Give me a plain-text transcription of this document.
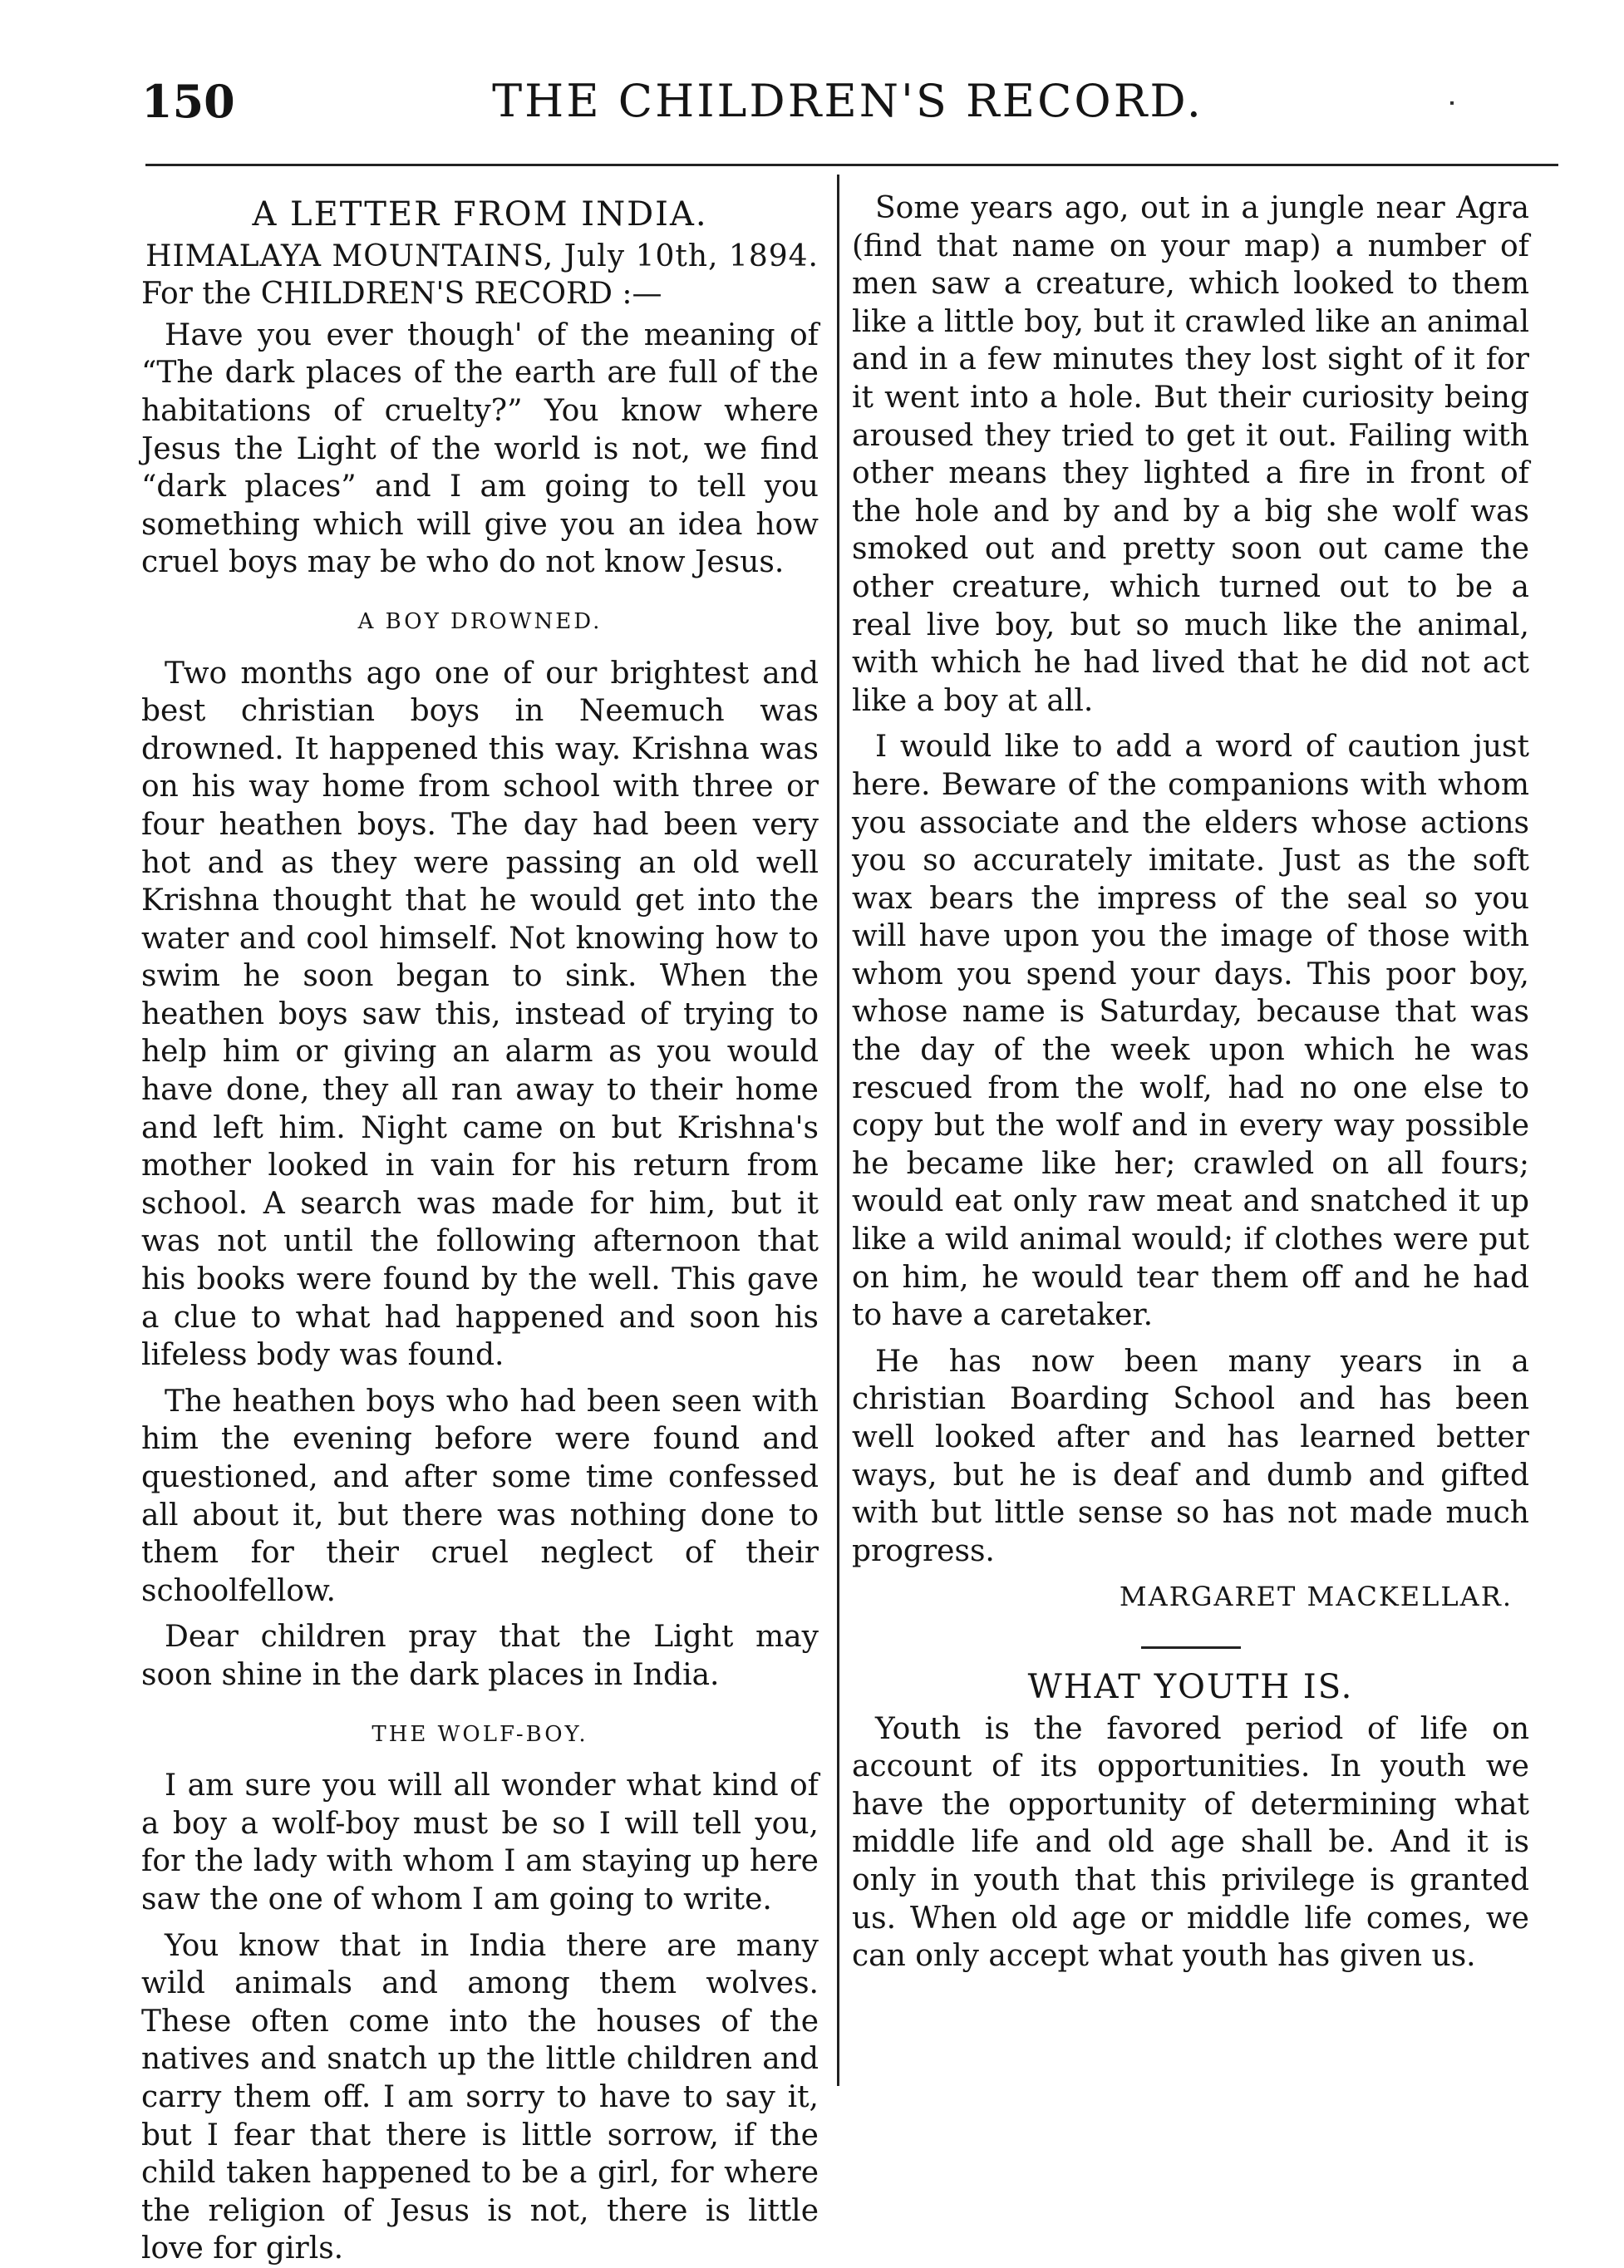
150	THE CHILDREN'S RECORD.
A LETTER FROM INDIA.
HIMALAYA MOUNTAINS, July 10th, 1894.
For the CHILDREN'S RECORD :—

Have you ever though' of the meaning of “The dark places of the earth are full of the habitations of cruelty?” You know where Jesus the Light of the world is not, we find “dark places” and I am going to tell you something which will give you an idea how cruel boys may be who do not know Jesus.

A BOY DROWNED.

Two months ago one of our brightest and best christian boys in Neemuch was drowned. It happened this way. Krishna was on his way home from school with three or four heathen boys. The day had been very hot and as they were passing an old well Krishna thought that he would get into the water and cool himself. Not knowing how to swim he soon began to sink. When the heathen boys saw this, instead of trying to help him or giving an alarm as you would have done, they all ran away to their home and left him. Night came on but Krishna's mother looked in vain for his return from school. A search was made for him, but it was not until the following afternoon that his books were found by the well. This gave a clue to what had happened and soon his lifeless body was found.

The heathen boys who had been seen with him the evening before were found and questioned, and after some time confessed all about it, but there was nothing done to them for their cruel neglect of their schoolfellow.

Dear children pray that the Light may soon shine in the dark places in India.

THE WOLF-BOY.

I am sure you will all wonder what kind of a boy a wolf-boy must be so I will tell you, for the lady with whom I am staying up here saw the one of whom I am going to write.

You know that in India there are many wild animals and among them wolves. These often come into the houses of the natives and snatch up the little children and carry them off. I am sorry to have to say it, but I fear that there is little sorrow, if the child taken happened to be a girl, for where the religion of Jesus is not, there is little love for girls.

Some years ago, out in a jungle near Agra (find that name on your map) a number of men saw a creature, which looked to them like a little boy, but it crawled like an animal and in a few minutes they lost sight of it for it went into a hole. But their curiosity being aroused they tried to get it out. Failing with other means they lighted a fire in front of the hole and by and by a big she wolf was smoked out and pretty soon out came the other creature, which turned out to be a real live boy, but so much like the animal, with which he had lived that he did not act like a boy at all.

I would like to add a word of caution just here. Beware of the companions with whom you associate and the elders whose actions you so accurately imitate. Just as the soft wax bears the impress of the seal so you will have upon you the image of those with whom you spend your days. This poor boy, whose name is Saturday, because that was the day of the week upon which he was rescued from the wolf, had no one else to copy but the wolf and in every way possible he became like her; crawled on all fours; would eat only raw meat and snatched it up like a wild animal would; if clothes were put on him, he would tear them off and he had to have a caretaker.

He has now been many years in a christian Boarding School and has been well looked after and has learned better ways, but he is deaf and dumb and gifted with but little sense so has not made much progress.

MARGARET MACKELLAR.
WHAT YOUTH IS.

Youth is the favored period of life on account of its opportunities. In youth we have the opportunity of determining what middle life and old age shall be. And it is only in youth that this privilege is granted us. When old age or middle life comes, we can only accept what youth has given us.
